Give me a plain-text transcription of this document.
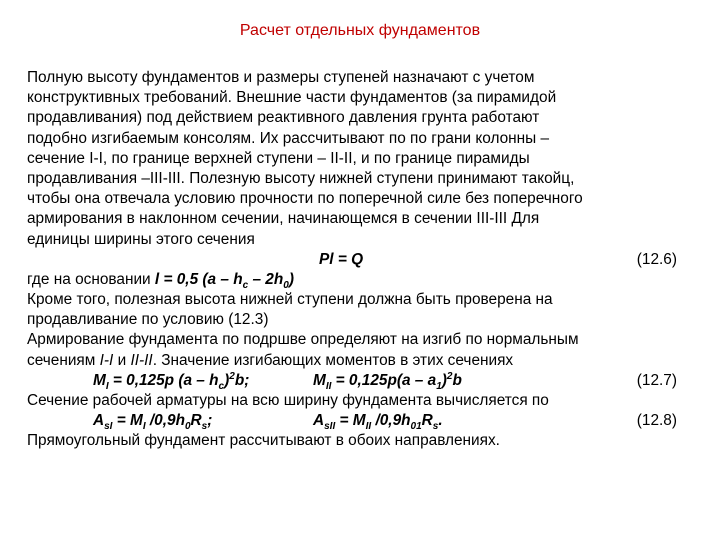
Расчет отдельных фундаментов
Полную высоту фундаментов и размеры ступеней назначают с учетом
конструктивных требований. Внешние части фундаментов (за пирамидой
продавливания) под действием реактивного давления грунта работают
подобно изгибаемым консолям. Их рассчитывают по по грани колонны –
сечение I-I, по границе верхней ступени – II-II, и по границе пирамиды
продавливания –III-III. Полезную высоту нижней ступени принимают такойц,
чтобы она отвечала условию прочности по поперечной силе без поперечного
армирования в наклонном сечении, начинающемся в сечении III-III Для
единицы ширины этого сечения
Pl = Q	(12.6)
где на основании l = 0,5 $(a - h_c - 2h_0)$
Кроме того, полезная высота нижней ступени должна быть проверена на
продавливание по условию (12.3)
Армирование фундамента по подршве определяют на изгиб по нормальным
сечениям I-I и II-II. Значение изгибающих моментов в этих сечениях
$M_I = 0,125p$ $(a - h_c)^2b$;	$M_{II} = 0,125p(a - a_1)^2b$	(12.7)
Сечение рабочей арматуры на всю ширину фундамента вычисляется по
$A_{sI} = M_I$ $/0,9h_0R_s$;	$A_{sII} = M_{II}$ $/0,9h_{01}R_s$.	(12.8)
Прямоугольный фундамент рассчитывают в обоих направлениях.
